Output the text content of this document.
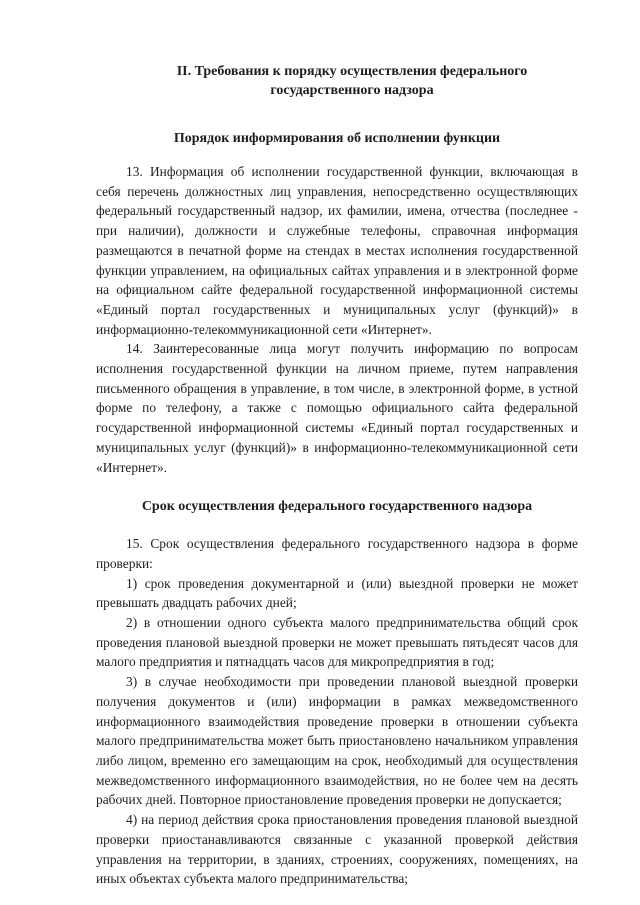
II. Требования к порядку осуществления федерального
государственного надзора
Порядок информирования об исполнении функции

13. Информация об исполнении государственной функции, включающая в себя перечень должностных лиц управления, непосредственно осуществляющих федеральный государственный надзор, их фамилии, имена, отчества (последнее - при наличии), должности и служебные телефоны, справочная информация размещаются в печатной форме на стендах в местах исполнения государственной функции управлением, на официальных сайтах управления и в электронной форме на официальном сайте федеральной государственной информационной системы «Единый портал государственных и муниципальных услуг (функций)» в информационно-телекоммуникационной сети «Интернет».

14. Заинтересованные лица могут получить информацию по вопросам исполнения государственной функции на личном приеме, путем направления письменного обращения в управление, в том числе, в электронной форме, в устной форме по телефону, а также с помощью официального сайта федеральной государственной информационной системы «Единый портал государственных и муниципальных услуг (функций)» в информационно-телекоммуникационной сети «Интернет».

Срок осуществления федерального государственного надзора

15. Срок осуществления федерального государственного надзора в форме проверки:

1) срок проведения документарной и (или) выездной проверки не может превышать двадцать рабочих дней;

2) в отношении одного субъекта малого предпринимательства общий срок проведения плановой выездной проверки не может превышать пятьдесят часов для малого предприятия и пятнадцать часов для микропредприятия в год;

3) в случае необходимости при проведении плановой выездной проверки получения документов и (или) информации в рамках межведомственного информационного взаимодействия проведение проверки в отношении субъекта малого предпринимательства может быть приостановлено начальником управления либо лицом, временно его замещающим на срок, необходимый для осуществления межведомственного информационного взаимодействия, но не более чем на десять рабочих дней. Повторное приостановление проведения проверки не допускается;

4) на период действия срока приостановления проведения плановой выездной проверки приостанавливаются связанные с указанной проверкой действия управления на территории, в зданиях, строениях, сооружениях, помещениях, на иных объектах субъекта малого предпринимательства;
